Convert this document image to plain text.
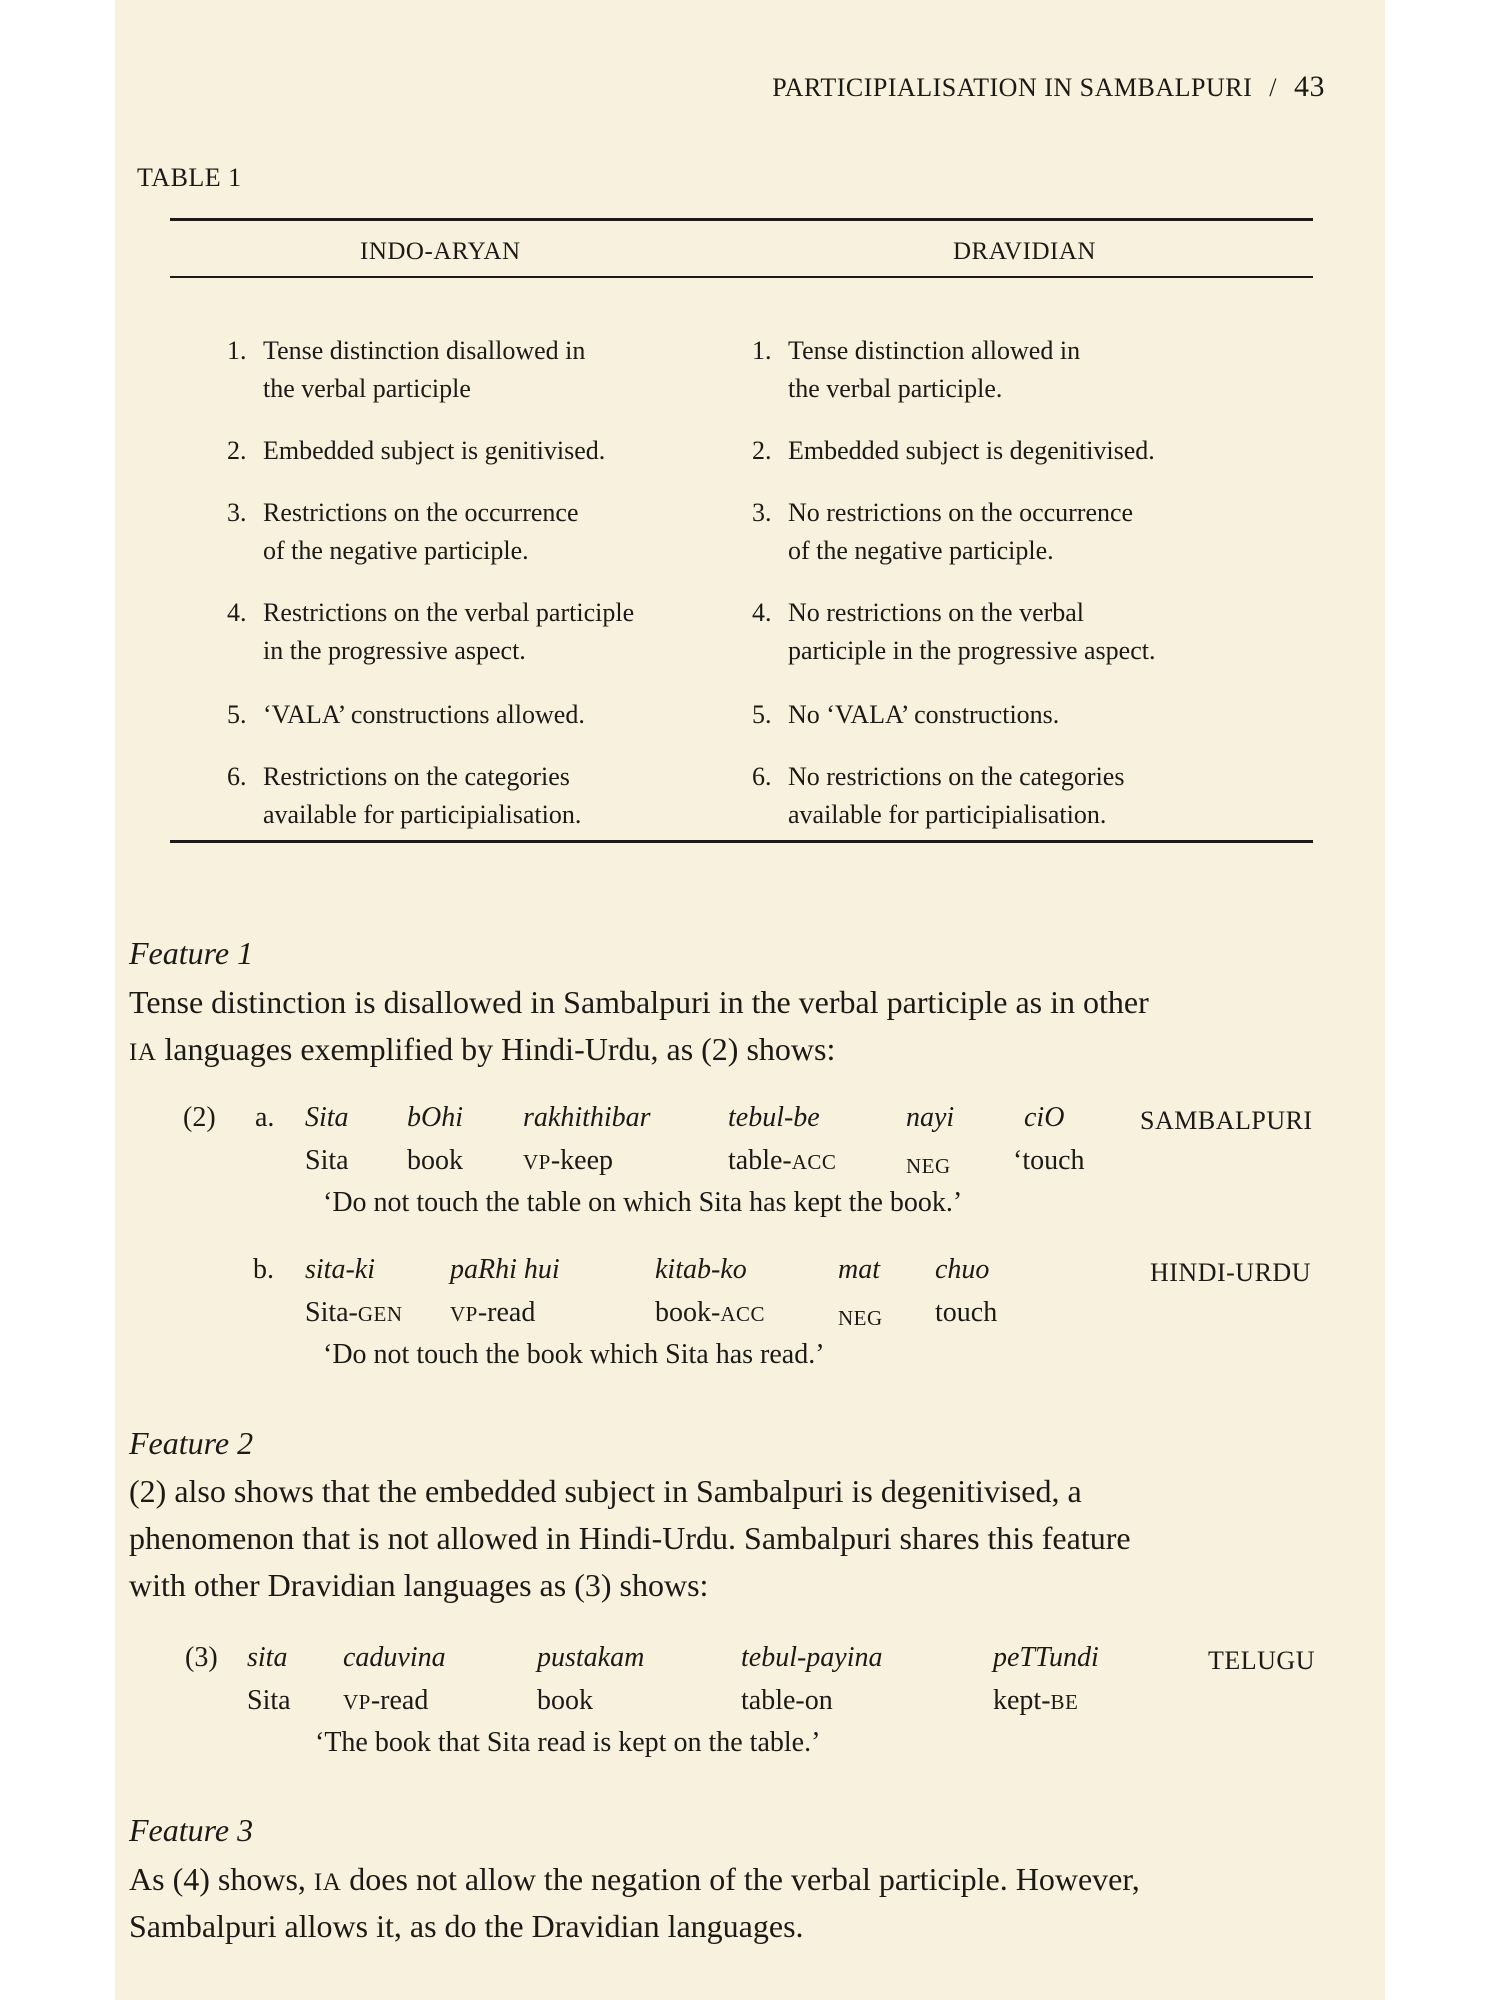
PARTICIPIALISATION IN SAMBALPURI / 43
TABLE 1
INDO-ARYAN	DRAVIDIAN
1. Tense distinction disallowed in
the verbal participle
1. Tense distinction allowed in
the verbal participle.
2. Embedded subject is genitivised.	2. Embedded subject is degenitivised.
3. Restrictions on the occurrence
of the negative participle.
3. No restrictions on the occurrence
of the negative participle.
4. Restrictions on the verbal participle
in the progressive aspect.
4. No restrictions on the verbal
participle in the progressive aspect.
5. ‘VALA’ constructions allowed.	5. No ‘VALA’ constructions.
6. Restrictions on the categories
available for participialisation.
6. No restrictions on the categories
available for participialisation.
Feature 1
Tense distinction is disallowed in Sambalpuri in the verbal participle as in other
IA languages exemplified by Hindi-Urdu, as (2) shows:
(2) a. Sita bOhi rakhithibar	tebul-be	nayi ciO	SAMBALPURI
Sita book	VP-keep	table-ACC	NEG ‘touch
‘Do not touch the table on which Sita has kept the book.’
b. sita-ki	paRhi hui	kitab-ko	mat chuo	HINDI-URDU
Sita-GEN VP-read	book-ACC	NEG touch
‘Do not touch the book which Sita has read.’
Feature 2
(2) also shows that the embedded subject in Sambalpuri is degenitivised, a
phenomenon that is not allowed in Hindi-Urdu. Sambalpuri shares this feature
with other Dravidian languages as (3) shows:
(3) sita caduvina	pustakam	tebul-payina	peTTundi	TELUGU
Sita VP-read	book	table-on	kept-BE
‘The book that Sita read is kept on the table.’
Feature 3
As (4) shows, IA does not allow the negation of the verbal participle. However,
Sambalpuri allows it, as do the Dravidian languages.
